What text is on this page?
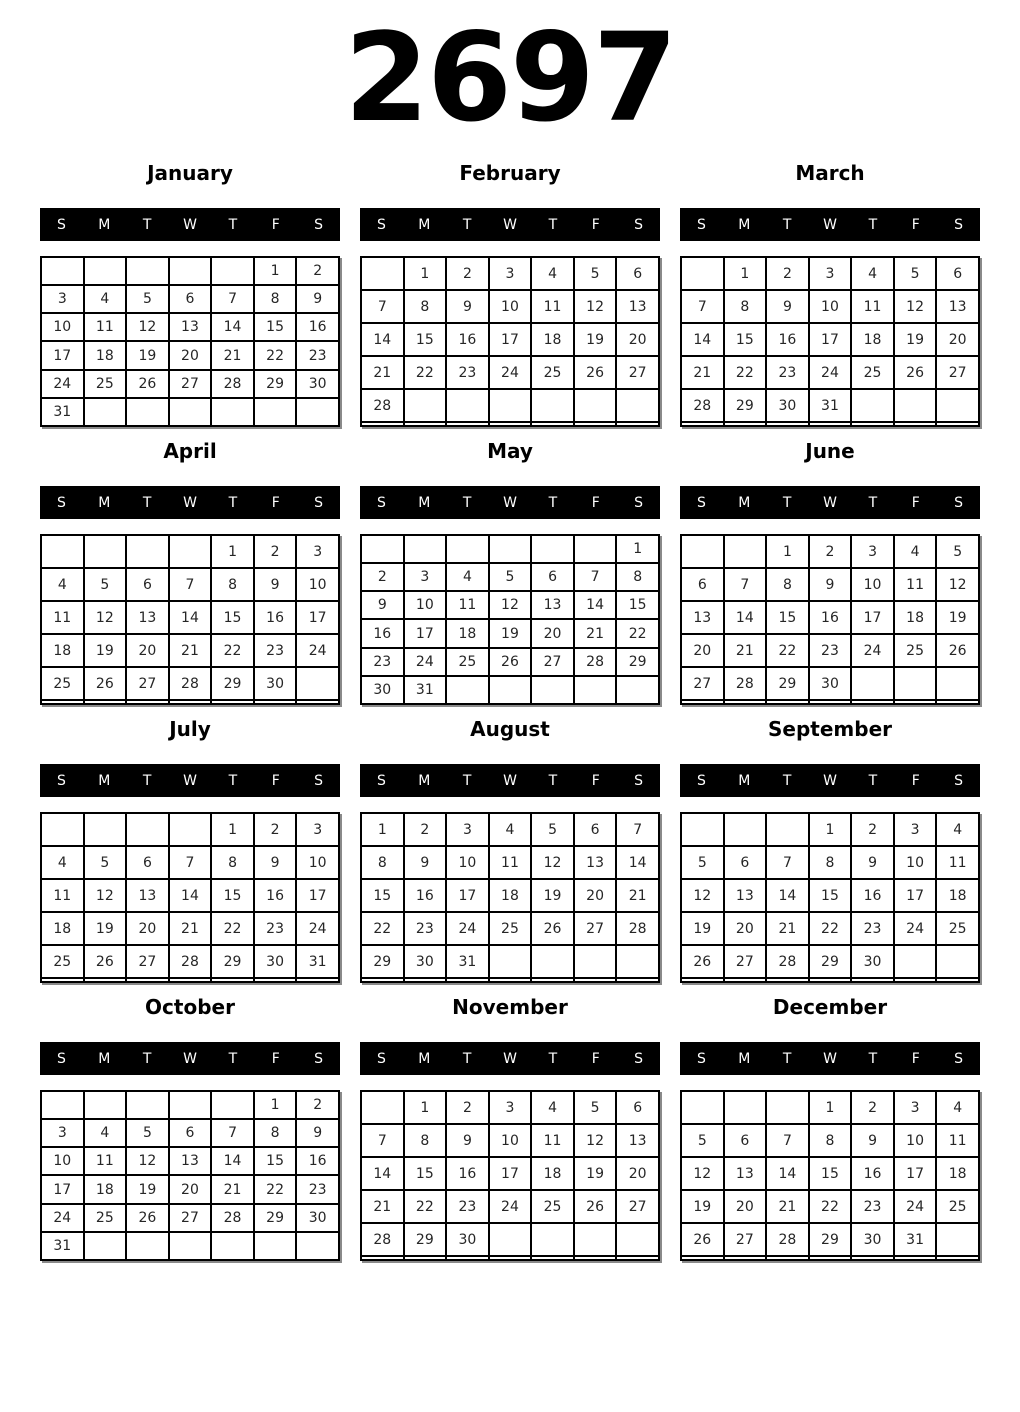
2697
January
S	M	T	W	T	F	S
					1	2
3	4	5	6	7	8	9
10	11	12	13	14	15	16
17	18	19	20	21	22	23
24	25	26	27	28	29	30
31						
February
S	M	T	W	T	F	S
	1	2	3	4	5	6
7	8	9	10	11	12	13
14	15	16	17	18	19	20
21	22	23	24	25	26	27
28						

March
S	M	T	W	T	F	S
	1	2	3	4	5	6
7	8	9	10	11	12	13
14	15	16	17	18	19	20
21	22	23	24	25	26	27
28	29	30	31			

April
S	M	T	W	T	F	S
				1	2	3
4	5	6	7	8	9	10
11	12	13	14	15	16	17
18	19	20	21	22	23	24
25	26	27	28	29	30	

May
S	M	T	W	T	F	S
						1
2	3	4	5	6	7	8
9	10	11	12	13	14	15
16	17	18	19	20	21	22
23	24	25	26	27	28	29
30	31					
June
S	M	T	W	T	F	S
		1	2	3	4	5
6	7	8	9	10	11	12
13	14	15	16	17	18	19
20	21	22	23	24	25	26
27	28	29	30			

July
S	M	T	W	T	F	S
				1	2	3
4	5	6	7	8	9	10
11	12	13	14	15	16	17
18	19	20	21	22	23	24
25	26	27	28	29	30	31

August
S	M	T	W	T	F	S
1	2	3	4	5	6	7
8	9	10	11	12	13	14
15	16	17	18	19	20	21
22	23	24	25	26	27	28
29	30	31				

September
S	M	T	W	T	F	S
			1	2	3	4
5	6	7	8	9	10	11
12	13	14	15	16	17	18
19	20	21	22	23	24	25
26	27	28	29	30		

October
S	M	T	W	T	F	S
					1	2
3	4	5	6	7	8	9
10	11	12	13	14	15	16
17	18	19	20	21	22	23
24	25	26	27	28	29	30
31						
November
S	M	T	W	T	F	S
	1	2	3	4	5	6
7	8	9	10	11	12	13
14	15	16	17	18	19	20
21	22	23	24	25	26	27
28	29	30				

December
S	M	T	W	T	F	S
			1	2	3	4
5	6	7	8	9	10	11
12	13	14	15	16	17	18
19	20	21	22	23	24	25
26	27	28	29	30	31	
